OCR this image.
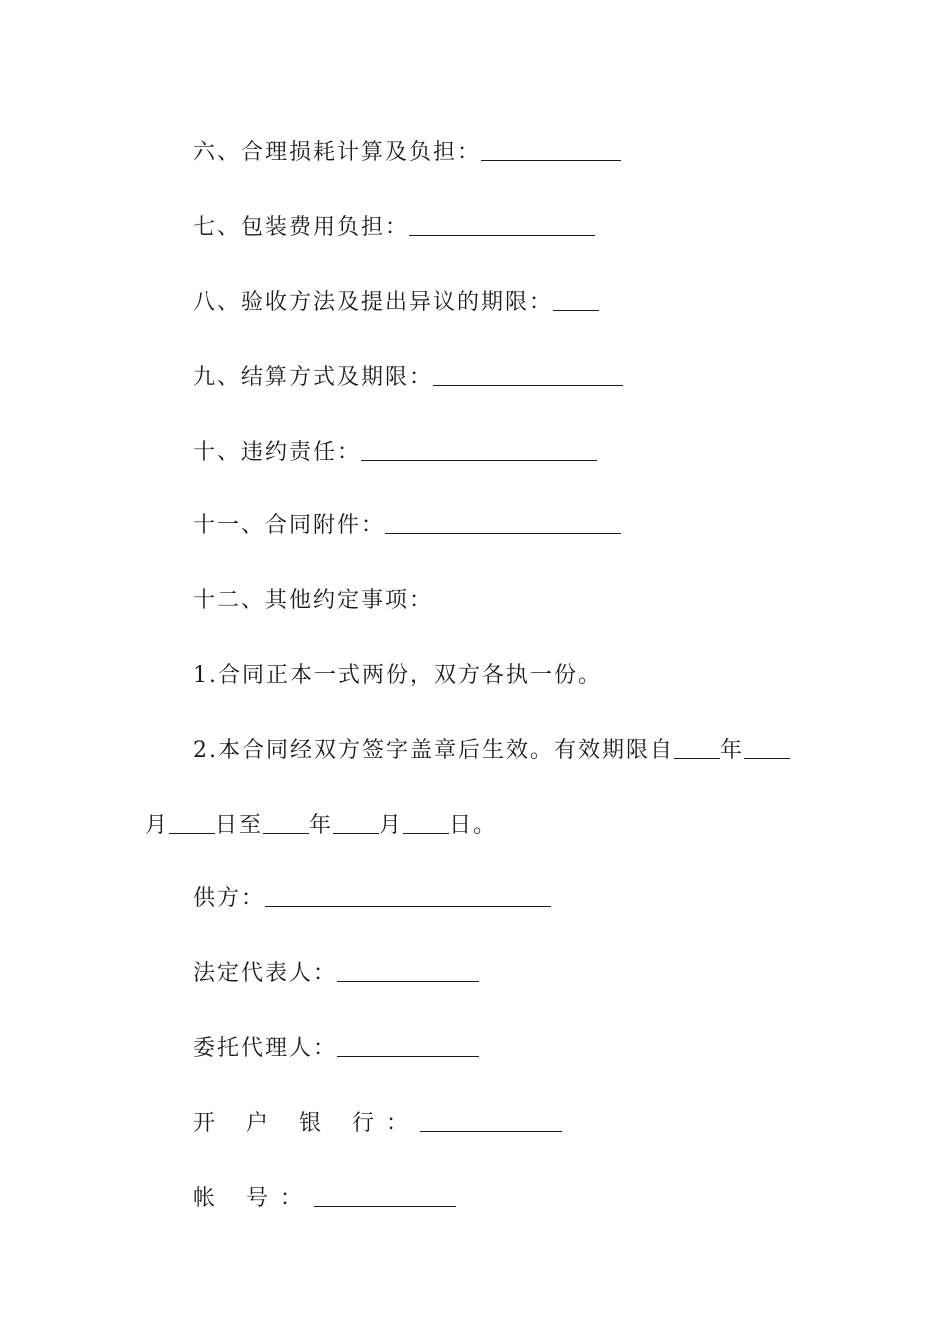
六、合理损耗计算及负担：
七、包装费用负担：
八、验收方法及提出异议的期限：
九、结算方式及期限：
十、违约责任：
十一、合同附件：
十二、其他约定事项：
1.合同正本一式两份，双方各执一份。
2.本合同经双方签字盖章后生效。有效期限自 年
月 日至 年 月 日。
供方：
法定代表人：
委托代理人：
开 户 银 行：
帐 号：
